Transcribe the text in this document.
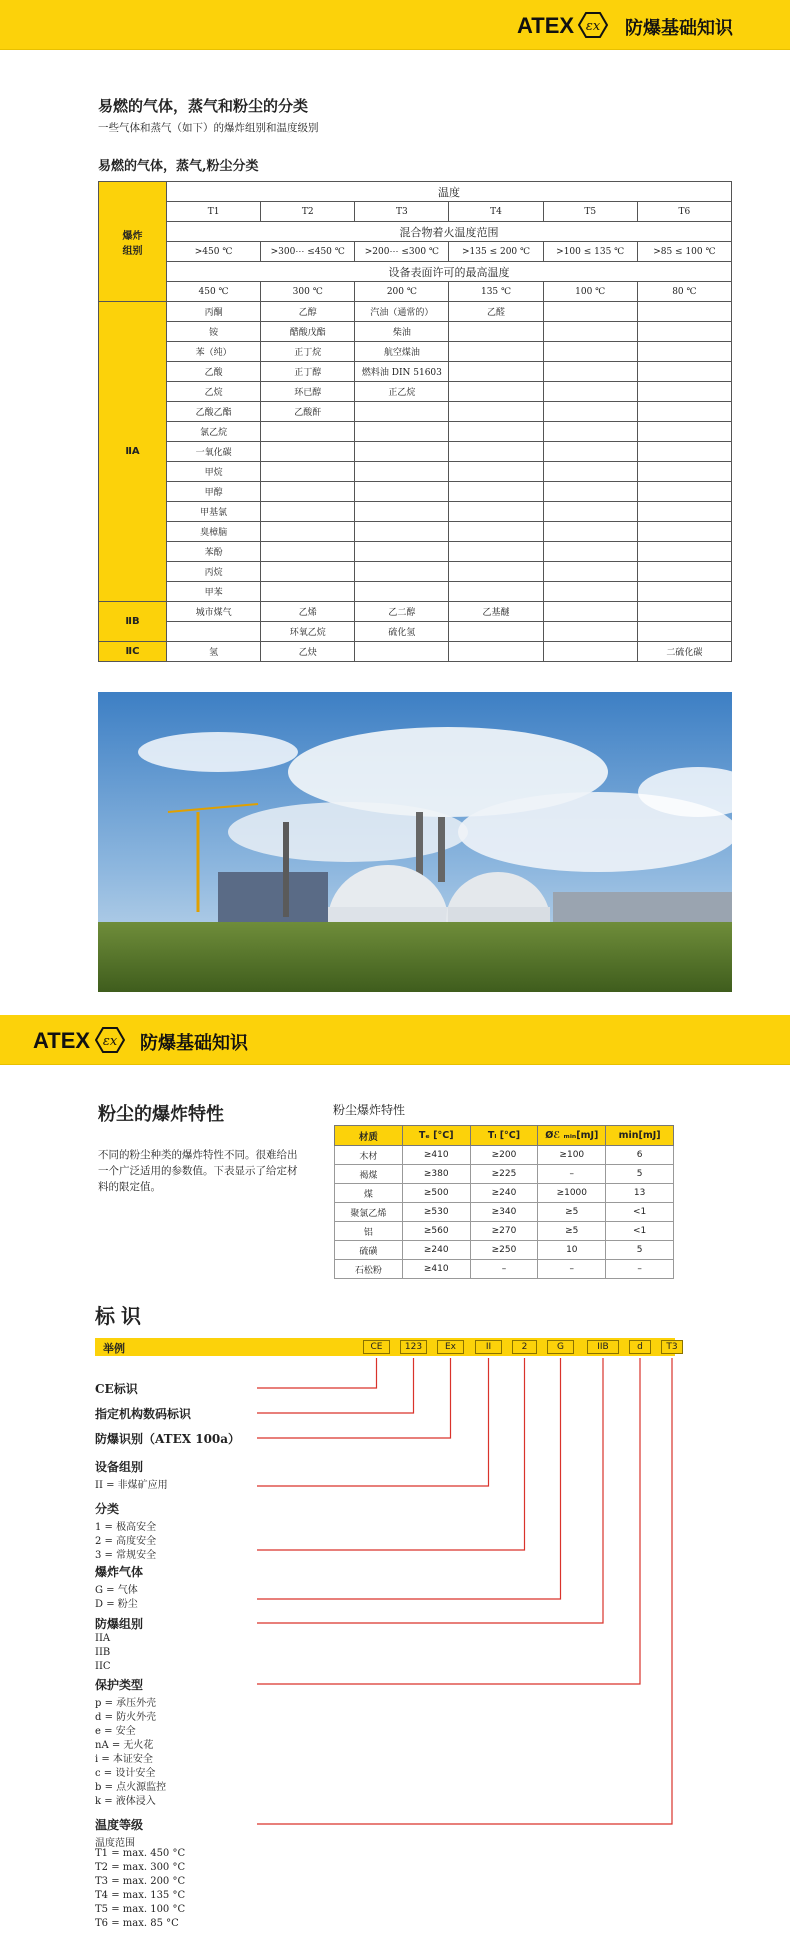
ATEX εx 防爆基础知识
易燃的气体，蒸气和粉尘的分类
一些气体和蒸气（如下）的爆炸组别和温度级别
易燃的气体，蒸气,粉尘分类
爆炸
组别	温度					
	T1	T2	T3	T4	T5	T6
	混合物着火温度范围					
	>450 ℃	>300⋯ ≤450 ℃	>200⋯ ≤300 ℃	>135 ≤ 200 ℃	>100 ≤ 135 ℃	>85 ≤ 100 ℃
	设备表面许可的最高温度					
	450 ℃	300 ℃	200 ℃	135 ℃	100 ℃	80 ℃
ⅡA	丙酮	乙醇	汽油（通常的）	乙醛		
	铵	醋酸戊酯	柴油			
	苯（纯）	正丁烷	航空煤油			
	乙酸	正丁醇	燃料油 DIN 51603			
	乙烷	环已醇	正乙烷			
	乙酸乙酯	乙酸酐				
	氯乙烷					
	一氧化碳					
	甲烷					
	甲醇					
	甲基氯					
	臭樟脑					
	苯酚					
	丙烷					
	甲苯					
ⅡB	城市煤气	乙烯	乙二醇	乙基醚		
		环氧乙烷	硫化氢			
ⅡC	氢	乙炔				二硫化碳
ATEX εx 防爆基础知识
粉尘的爆炸特性
不同的粉尘种类的爆炸特性不同。很难给出一个广泛适用的参数值。下表显示了给定材料的限定值。
粉尘爆炸特性
材质	Tₑ [°C]	Tₗ [°C]	Øℰ ₘᵢₙ[mJ]	min[mJ]
木材	≥410	≥200	≥100	6
褐煤	≥380	≥225	–	5
煤	≥500	≥240	≥1000	13
聚氯乙烯	≥530	≥340	≥5	<1
铝	≥560	≥270	≥5	<1
硫磺	≥240	≥250	10	5
石松粉	≥410	–	–	–
标识
举例	CE	123	Ex	II	2	G	IIB	d	T3
CE标识
指定机构数码标识
防爆识别（ATEX 100a）
设备组别
II = 非煤矿应用
分类
1 = 极高安全
2 = 高度安全
3 = 常规安全
爆炸气体
G = 气体
D = 粉尘
防爆组别
IIA
IIB
IIC
保护类型
p = 承压外壳
d = 防火外壳
e = 安全
nA = 无火花
i = 本证安全
c = 设计安全
b = 点火源监控
k = 液体浸入
温度等级
温度范围
T1 = max. 450 °C
T2 = max. 300 °C
T3 = max. 200 °C
T4 = max. 135 °C
T5 = max. 100 °C
T6 = max. 85 °C
